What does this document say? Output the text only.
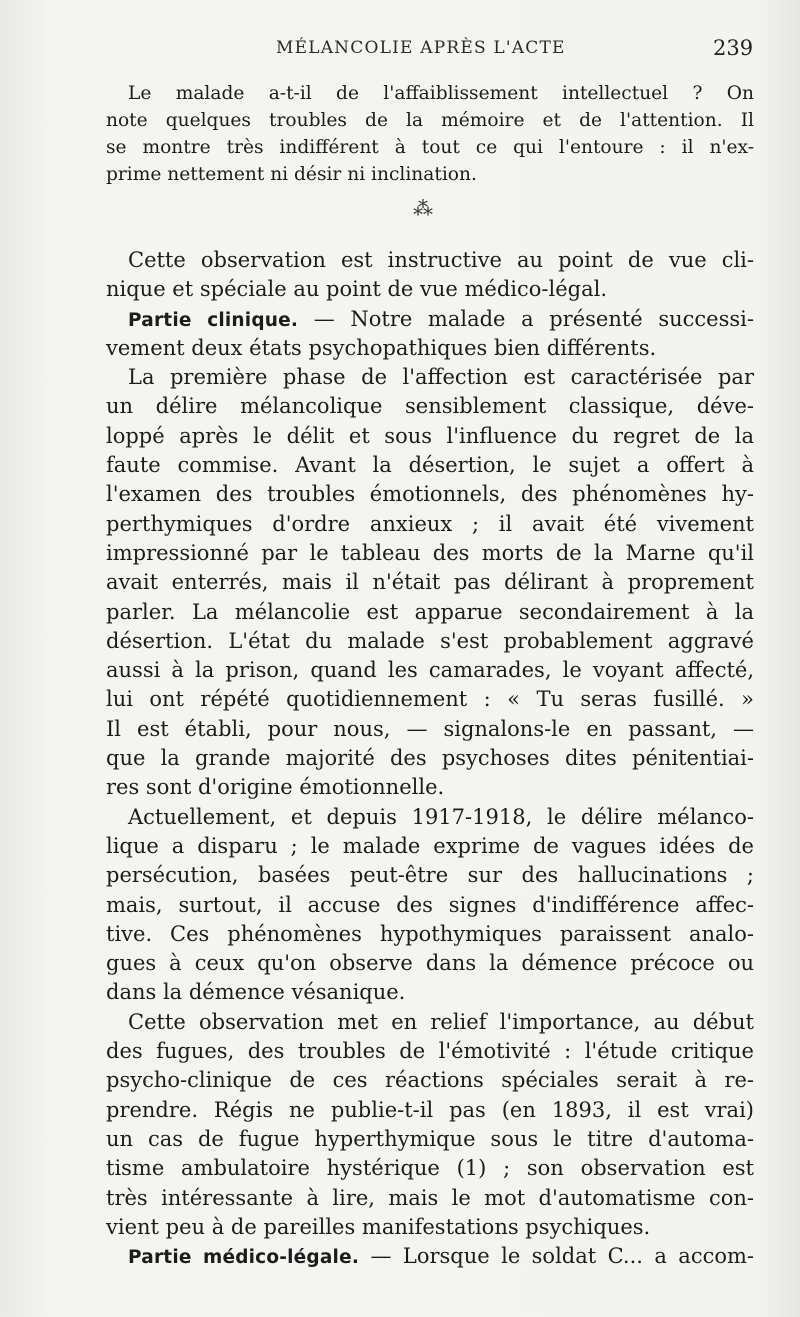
MÉLANCOLIE APRÈS L'ACTE	239
Le malade a-t-il de l'affaiblissement intellectuel ? On
note quelques troubles de la mémoire et de l'attention. Il
se montre très indifférent à tout ce qui l'entoure : il n'ex-
prime nettement ni désir ni inclination.
⁂
Cette observation est instructive au point de vue cli-
nique et spéciale au point de vue médico-légal.
Partie clinique. — Notre malade a présenté successi-
vement deux états psychopathiques bien différents.
La première phase de l'affection est caractérisée par
un délire mélancolique sensiblement classique, déve-
loppé après le délit et sous l'influence du regret de la
faute commise. Avant la désertion, le sujet a offert à
l'examen des troubles émotionnels, des phénomènes hy-
perthymiques d'ordre anxieux ; il avait été vivement
impressionné par le tableau des morts de la Marne qu'il
avait enterrés, mais il n'était pas délirant à proprement
parler. La mélancolie est apparue secondairement à la
désertion. L'état du malade s'est probablement aggravé
aussi à la prison, quand les camarades, le voyant affecté,
lui ont répété quotidiennement : « Tu seras fusillé. »
Il est établi, pour nous, — signalons-le en passant, —
que la grande majorité des psychoses dites pénitentiai-
res sont d'origine émotionnelle.
Actuellement, et depuis 1917-1918, le délire mélanco-
lique a disparu ; le malade exprime de vagues idées de
persécution, basées peut-être sur des hallucinations ;
mais, surtout, il accuse des signes d'indifférence affec-
tive. Ces phénomènes hypothymiques paraissent analo-
gues à ceux qu'on observe dans la démence précoce ou
dans la démence vésanique.
Cette observation met en relief l'importance, au début
des fugues, des troubles de l'émotivité : l'étude critique
psycho-clinique de ces réactions spéciales serait à re-
prendre. Régis ne publie-t-il pas (en 1893, il est vrai)
un cas de fugue hyperthymique sous le titre d'automa-
tisme ambulatoire hystérique (1) ; son observation est
très intéressante à lire, mais le mot d'automatisme con-
vient peu à de pareilles manifestations psychiques.
Partie médico-légale. — Lorsque le soldat C... a accom-
